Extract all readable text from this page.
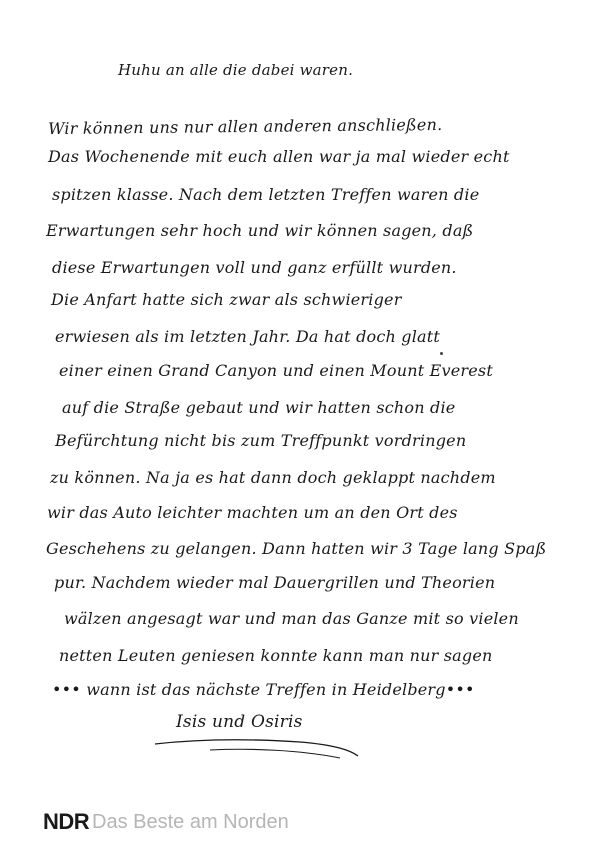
Huhu an alle die dabei waren.
Wir können uns nur allen anderen anschließen.
Das Wochenende mit euch allen war ja mal wieder echt
spitzen klasse. Nach dem letzten Treffen waren die
Erwartungen sehr hoch und wir können sagen, daß
diese Erwartungen voll und ganz erfüllt wurden.
Die Anfart hatte sich zwar als schwieriger
erwiesen als im letzten Jahr. Da hat doch glatt
einer einen Grand Canyon und einen Mount Everest
auf die Straße gebaut und wir hatten schon die
Befürchtung nicht bis zum Treffpunkt vordringen
zu können. Na ja es hat dann doch geklappt nachdem
wir das Auto leichter machten um an den Ort des
Geschehens zu gelangen. Dann hatten wir 3 Tage lang Spaß
pur. Nachdem wieder mal Dauergrillen und Theorien
wälzen angesagt war und man das Ganze mit so vielen
netten Leuten geniesen konnte kann man nur sagen
••• wann ist das nächste Treffen in Heidelberg•••
Isis und Osiris
NDR Das Beste am Norden
